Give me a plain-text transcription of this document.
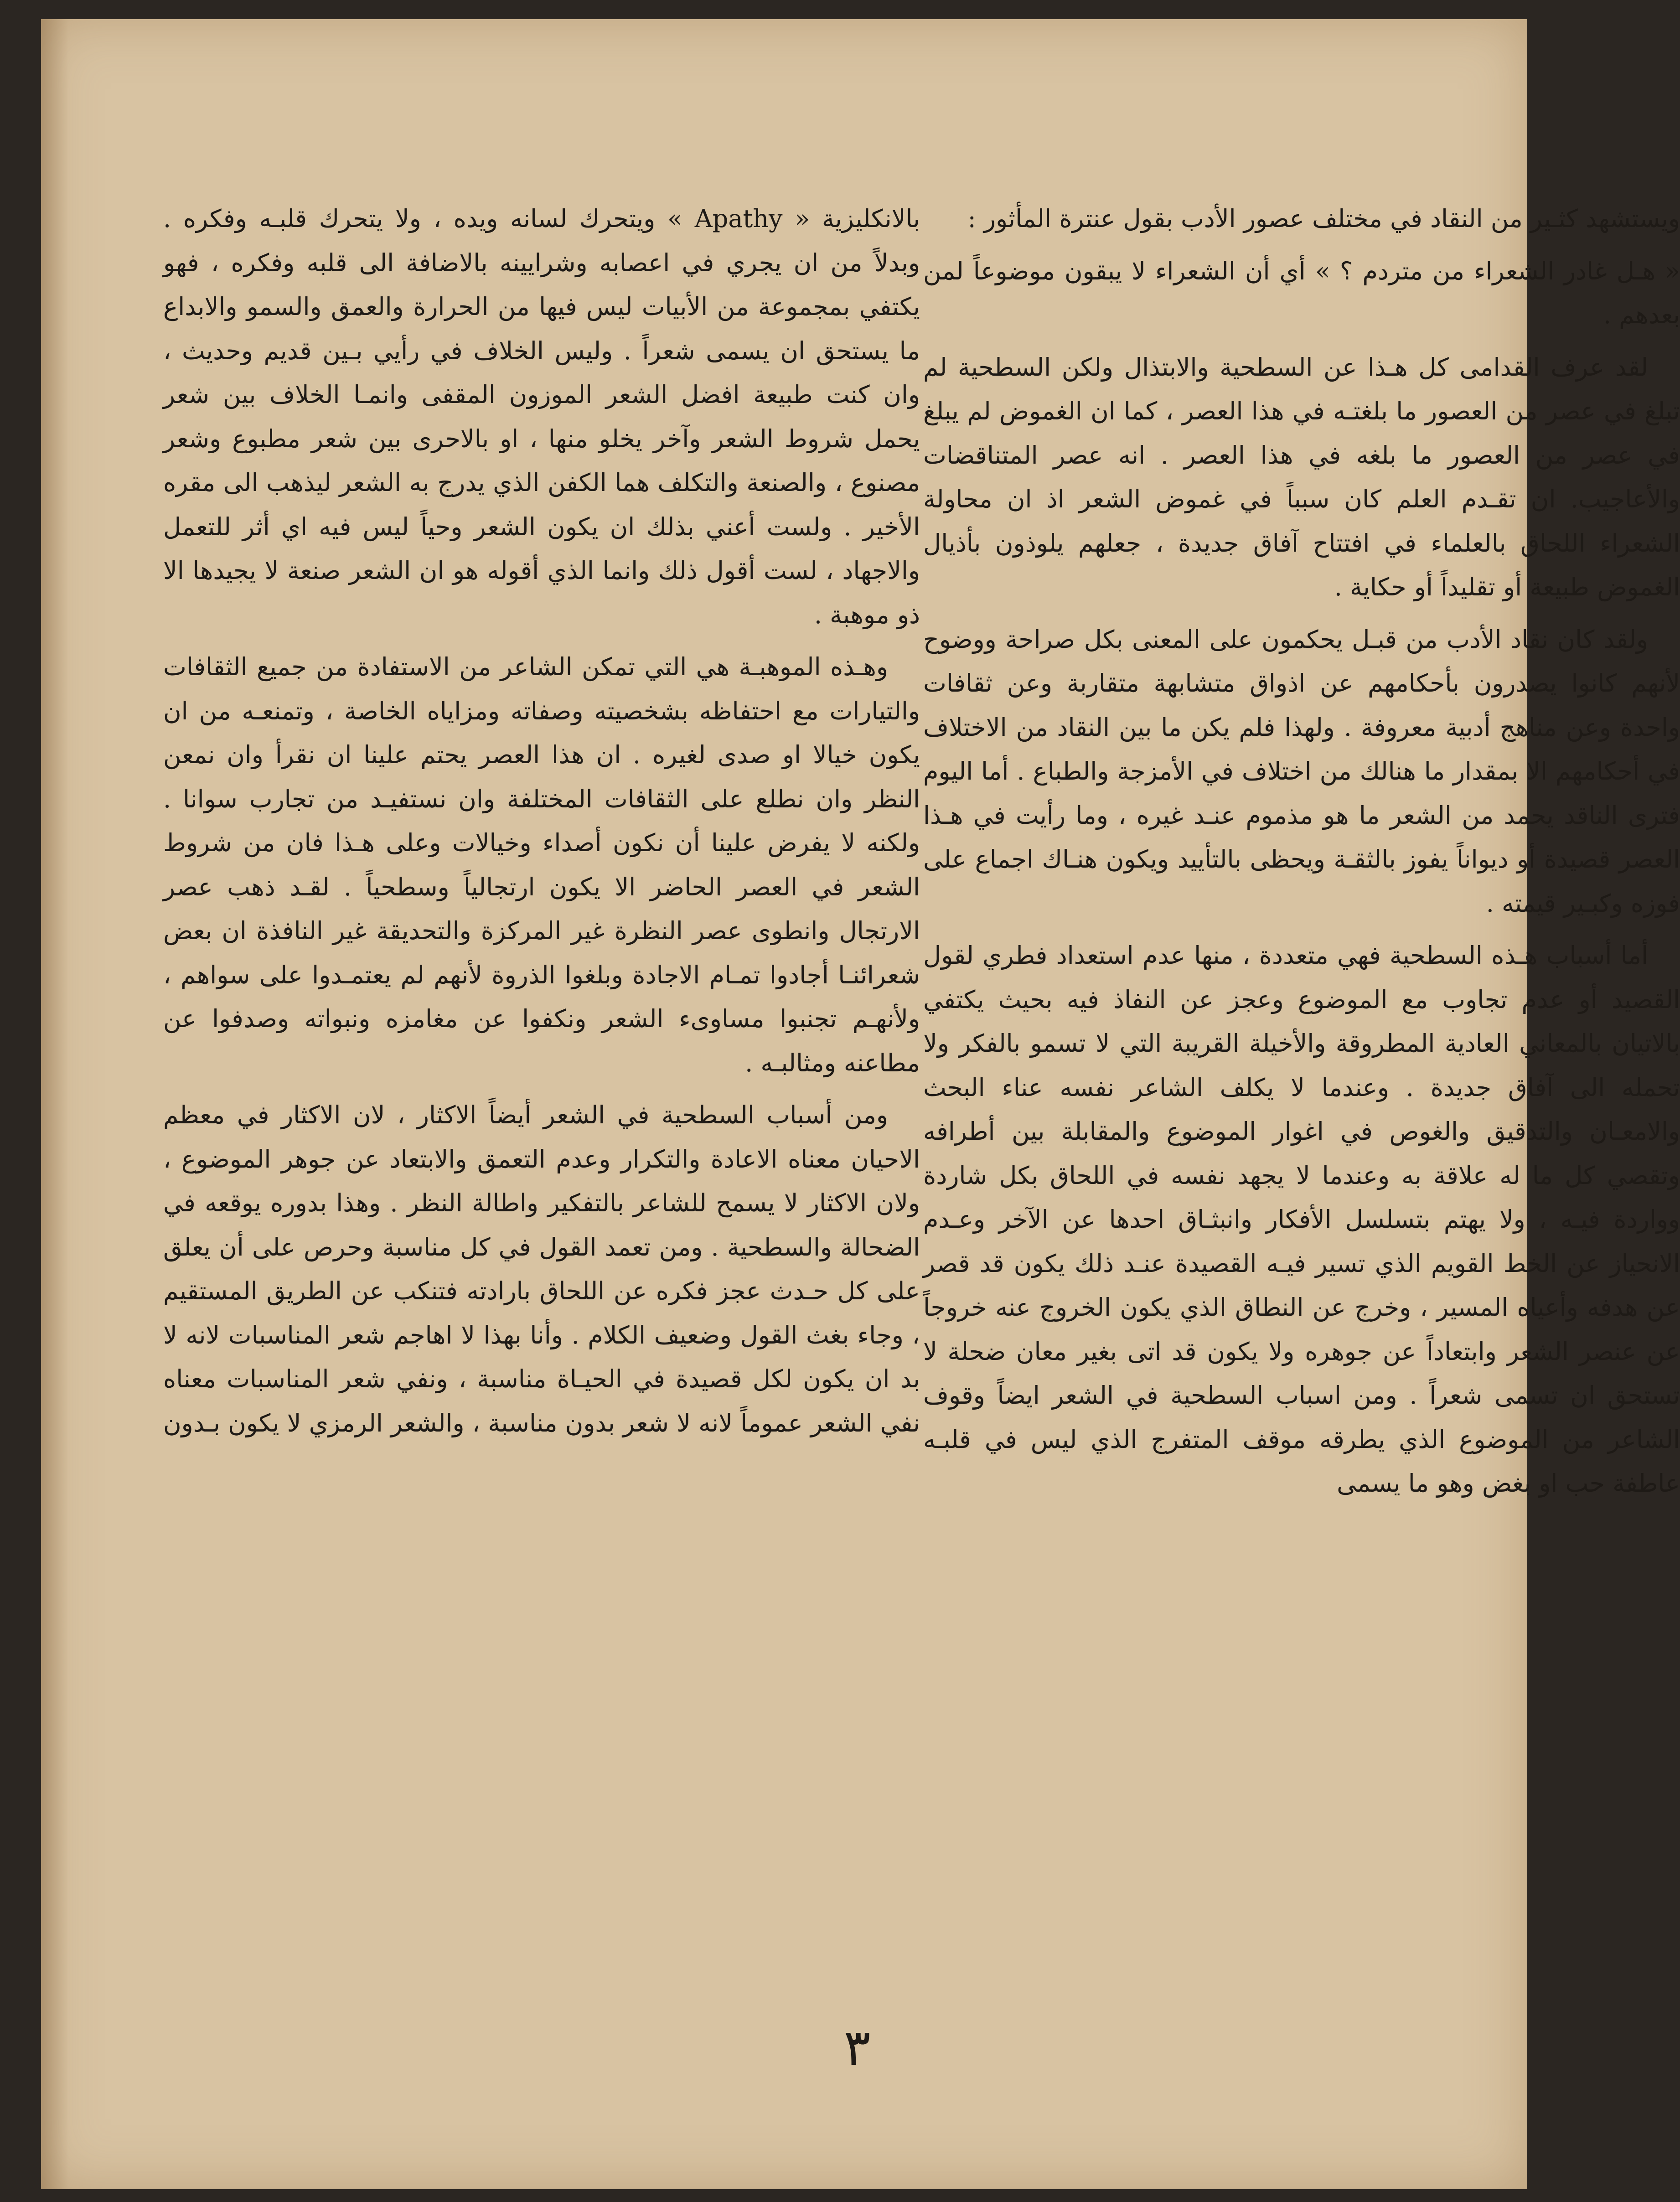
ويستشهد كثـير من النقاد في مختلف عصور الأدب بقول عنترة المأثور :

« هـل غادر الشعراء من متردم ؟ » أي أن الشعراء لا يبقون موضوعاً لمن بعدهم .

لقد عرف القدامى كل هـذا عن السطحية والابتذال ولكن السطحية لم تبلغ في عصر من العصور ما بلغتـه في هذا العصر ، كما ان الغموض لم يبلغ في عصر من العصور ما بلغه في هذا العصر . انه عصر المتناقضات والأعاجيب. ان تقـدم العلم كان سبباً في غموض الشعر اذ ان محاولة الشعراء اللحاق بالعلماء في افتتاح آفاق جديدة ، جعلهم يلوذون بأذيال الغموض طبيعة أو تقليداً أو حكاية .

ولقد كان نقاد الأدب من قبـل يحكمون على المعنى بكل صراحة ووضوح لأنهم كانوا يصدرون بأحكامهم عن اذواق متشابهة متقاربة وعن ثقافات واحدة وعن مناهج أدبية معروفة . ولهذا فلم يكن ما بين النقاد من الاختلاف في أحكامهم الا بمقدار ما هنالك من اختلاف في الأمزجة والطباع . أما اليوم فترى الناقد يحمد من الشعر ما هو مذموم عنـد غيره ، وما رأيت في هـذا العصر قصيدة أو ديواناً يفوز بالثقـة ويحظى بالتأييد ويكون هنـاك اجماع على فوزه وكبـير قيمته .

أما أسباب هـذه السطحية فهي متعددة ، منها عدم استعداد فطري لقول القصيد أو عدم تجاوب مع الموضوع وعجز عن النفاذ فيه بحيث يكتفي بالاتيان بالمعاني العادية المطروقة والأخيلة القريبة التي لا تسمو بالفكر ولا تحمله الى آفاق جديدة . وعندما لا يكلف الشاعر نفسه عناء البحث والامعـان والتدقيق والغوص في اغوار الموضوع والمقابلة بين أطرافه وتقصي كل ما له علاقة به وعندما لا يجهد نفسه في اللحاق بكل شاردة وواردة فيـه ، ولا يهتم بتسلسل الأفكار وانبثـاق احدها عن الآخر وعـدم الانحياز عن الخط القويم الذي تسير فيـه القصيدة عنـد ذلك يكون قد قصر عن هدفه وأعياه المسير ، وخرج عن النطاق الذي يكون الخروج عنه خروجاً عن عنصر الشعر وابتعاداً عن جوهره ولا يكون قد اتى بغير معان ضحلة لا تستحق ان تسمى شعراً . ومن اسباب السطحية في الشعر ايضاً وقوف الشاعر من الموضوع الذي يطرقه موقف المتفرج الذي ليس في قلبـه عاطفة حب او بغض وهو ما يسمى

بالانكليزية « Apathy » ويتحرك لسانه ويده ، ولا يتحرك قلبـه وفكره . وبدلاً من ان يجري في اعصابه وشرايينه بالاضافة الى قلبه وفكره ، فهو يكتفي بمجموعة من الأبيات ليس فيها من الحرارة والعمق والسمو والابداع ما يستحق ان يسمى شعراً . وليس الخلاف في رأيي بـين قديم وحديث ، وان كنت طبيعة افضل الشعر الموزون المقفى وانمـا الخلاف بين شعر يحمل شروط الشعر وآخر يخلو منها ، او بالاحرى بين شعر مطبوع وشعر مصنوع ، والصنعة والتكلف هما الكفن الذي يدرج به الشعر ليذهب الى مقره الأخير . ولست أعني بذلك ان يكون الشعر وحياً ليس فيه اي أثر للتعمل والاجهاد ، لست أقول ذلك وانما الذي أقوله هو ان الشعر صنعة لا يجيدها الا ذو موهبة .

وهـذه الموهبـة هي التي تمكن الشاعر من الاستفادة من جميع الثقافات والتيارات مع احتفاظه بشخصيته وصفاته ومزاياه الخاصة ، وتمنعـه من ان يكون خيالا او صدى لغيره . ان هذا العصر يحتم علينا ان نقرأ وان نمعن النظر وان نطلع على الثقافات المختلفة وان نستفيـد من تجارب سوانا . ولكنه لا يفرض علينا أن نكون أصداء وخيالات وعلى هـذا فان من شروط الشعر في العصر الحاضر الا يكون ارتجالياً وسطحياً . لقـد ذهب عصر الارتجال وانطوى عصر النظرة غير المركزة والتحديقة غير النافذة ان بعض شعرائنـا أجادوا تمـام الاجادة وبلغوا الذروة لأنهم لم يعتمـدوا على سواهم ، ولأنهـم تجنبوا مساوىء الشعر ونكفوا عن مغامزه ونبواته وصدفوا عن مطاعنه ومثالبـه .

ومن أسباب السطحية في الشعر أيضاً الاكثار ، لان الاكثار في معظم الاحيان معناه الاعادة والتكرار وعدم التعمق والابتعاد عن جوهر الموضوع ، ولان الاكثار لا يسمح للشاعر بالتفكير واطالة النظر . وهذا بدوره يوقعه في الضحالة والسطحية . ومن تعمد القول في كل مناسبة وحرص على أن يعلق على كل حـدث عجز فكره عن اللحاق بارادته فتنكب عن الطريق المستقيم ، وجاء بغث القول وضعيف الكلام . وأنا بهذا لا اهاجم شعر المناسبات لانه لا بد ان يكون لكل قصيدة في الحيـاة مناسبة ، ونفي شعر المناسبات معناه نفي الشعر عموماً لانه لا شعر بدون مناسبة ، والشعر الرمزي لا يكون بـدون

٣
